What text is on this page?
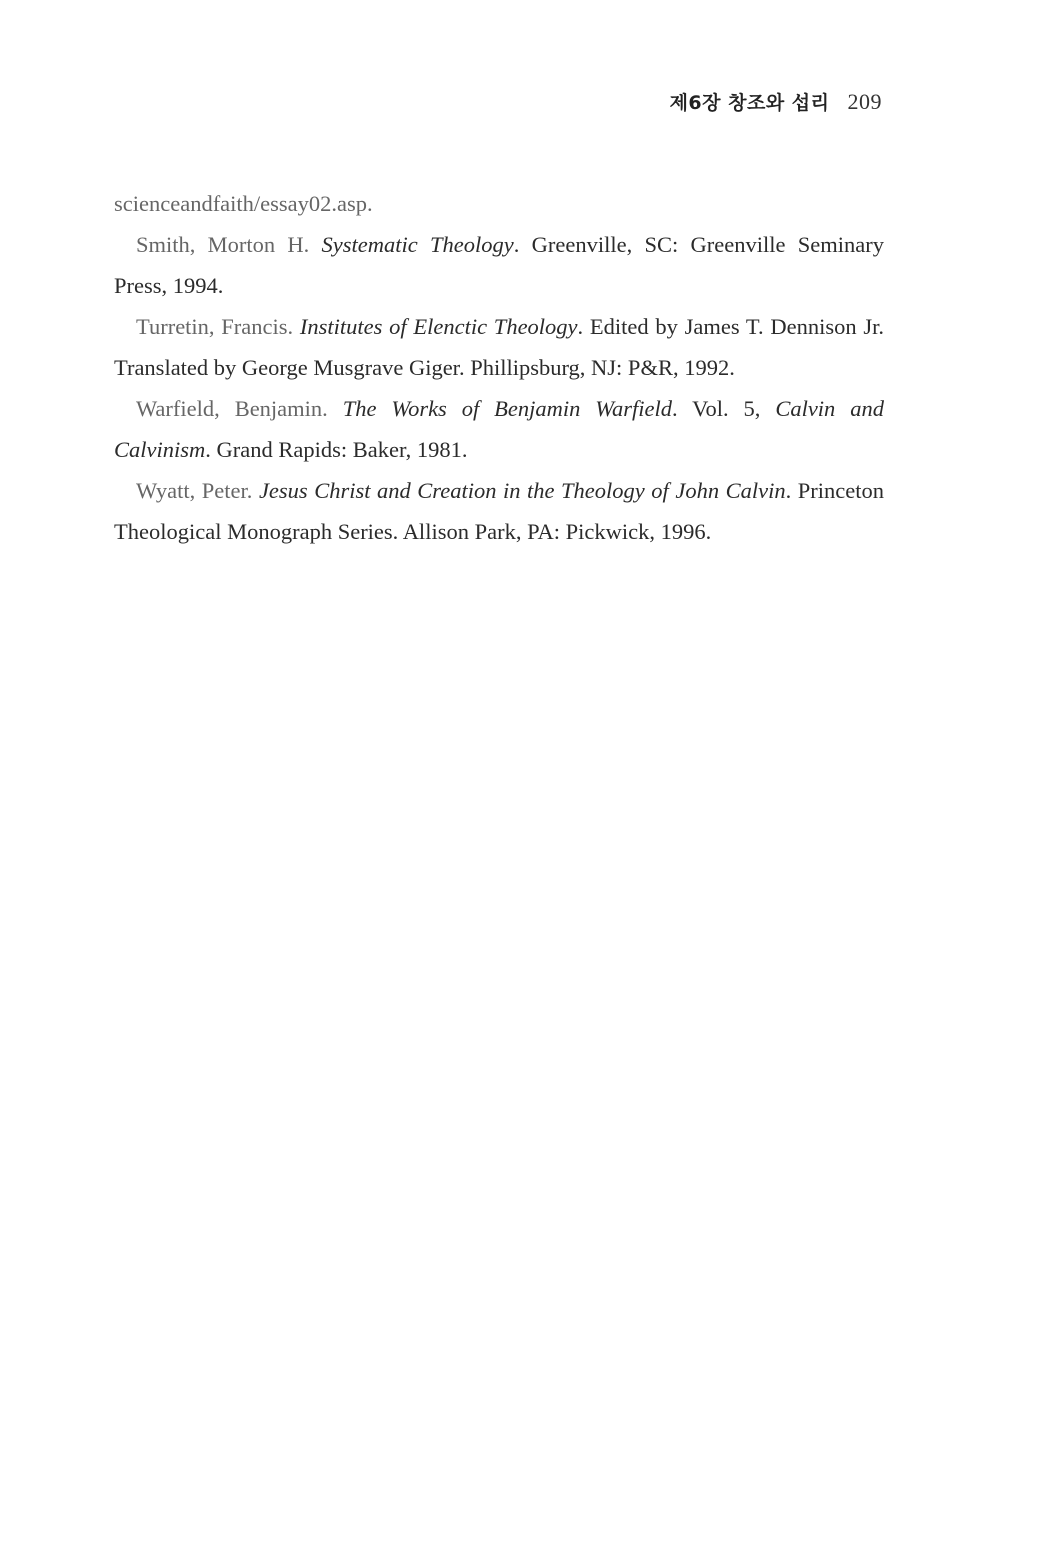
제6장 창조와 섭리 209

scienceandfaith/essay02.asp.

Smith, Morton H. Systematic Theology. Greenville, SC: Greenville Seminary Press, 1994.

Turretin, Francis. Institutes of Elenctic Theology. Edited by James T. Dennison Jr. Translated by George Musgrave Giger. Phillipsburg, NJ: P&R, 1992.

Warfield, Benjamin. The Works of Benjamin Warfield. Vol. 5, Calvin and Calvinism. Grand Rapids: Baker, 1981.

Wyatt, Peter. Jesus Christ and Creation in the Theology of John Calvin. Princeton Theological Monograph Series. Allison Park, PA: Pickwick, 1996.
